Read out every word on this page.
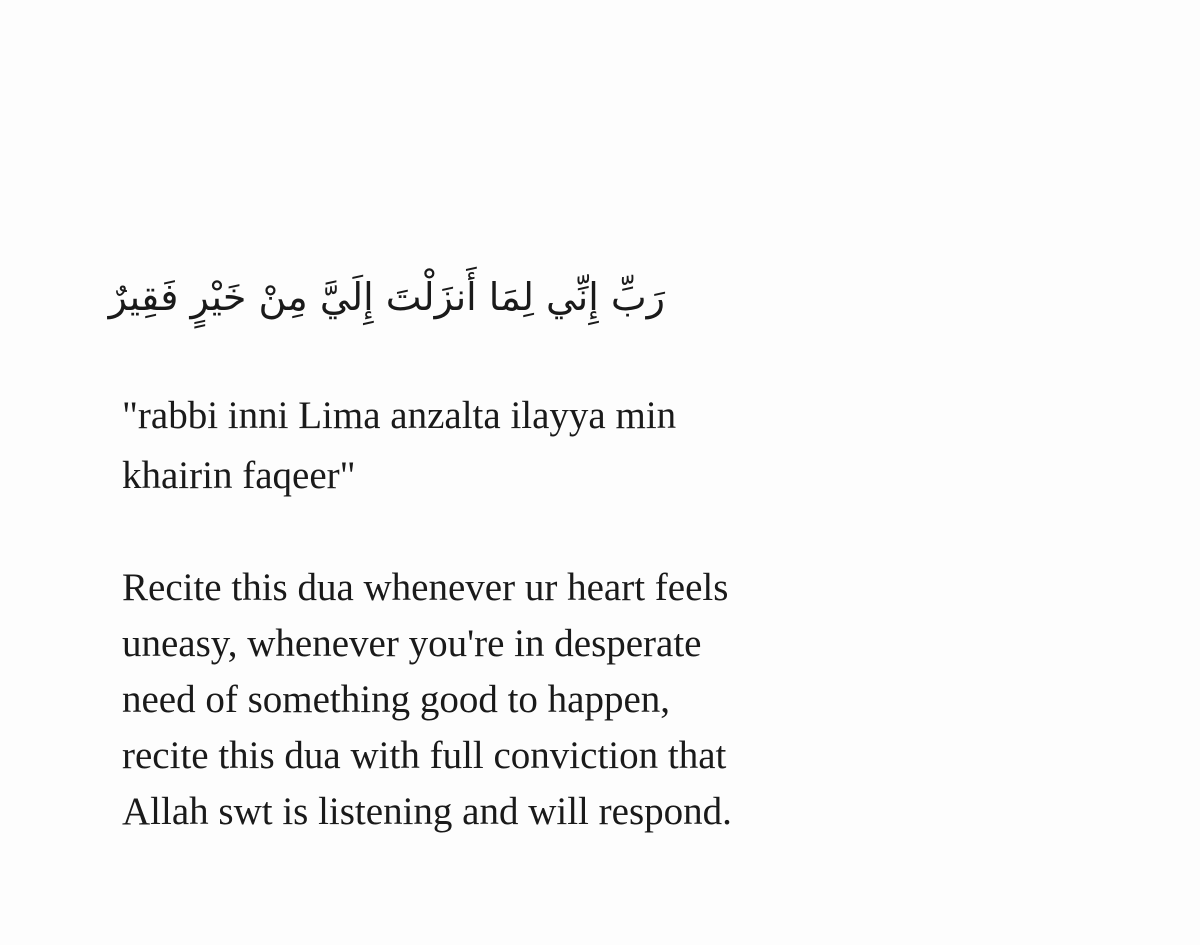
رَبِّ إِنِّي لِمَا أَنزَلْتَ إِلَيَّ مِنْ خَيْرٍ فَقِيرٌ
"rabbi inni Lima anzalta ilayya min
khairin faqeer"
Recite this dua whenever ur heart feels
uneasy, whenever you're in desperate
need of something good to happen,
recite this dua with full conviction that
Allah swt is listening and will respond.
